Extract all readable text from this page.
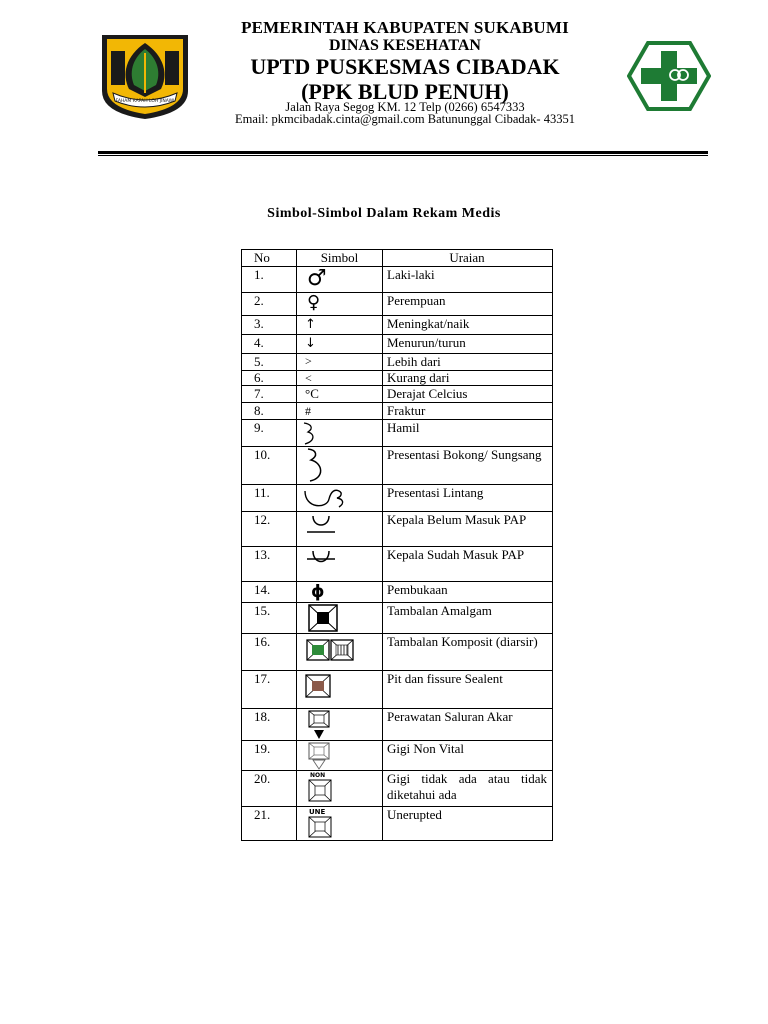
FAHAM RAPAH LOH JINAWI
PEMERINTAH KABUPATEN SUKABUMI
DINAS KESEHATAN
UPTD PUSKESMAS CIBADAK
(PPK BLUD PENUH)
Jalan Raya Segog KM. 12 Telp (0266) 6547333
Email: pkmcibadak.cinta@gmail.com Batununggal Cibadak- 43351
Simbol-Simbol Dalam Rekam Medis
No	Simbol	Uraian
1.	♂	Laki-laki
2.	♀	Perempuan
3.	↑	Meningkat/naik
4.	↓	Menurun/turun
5.	>	Lebih dari
6.	<	Kurang dari
7.	°C	Derajat Celcius
8.	#	Fraktur
9.		Hamil
10.		Presentasi Bokong/ Sungsang
11.		Presentasi Lintang
12.		Kepala Belum Masuk PAP
13.		Kepala Sudah Masuk PAP
14.	ɸ	Pembukaan
15.		Tambalan Amalgam
16.		Tambalan Komposit (diarsir)
17.		Pit dan fissure Sealent
18.		Perawatan Saluran Akar
19.		Gigi Non Vital
20.	NON	Gigi tidak ada atau tidak diketahui ada
21.	UNE	Unerupted
